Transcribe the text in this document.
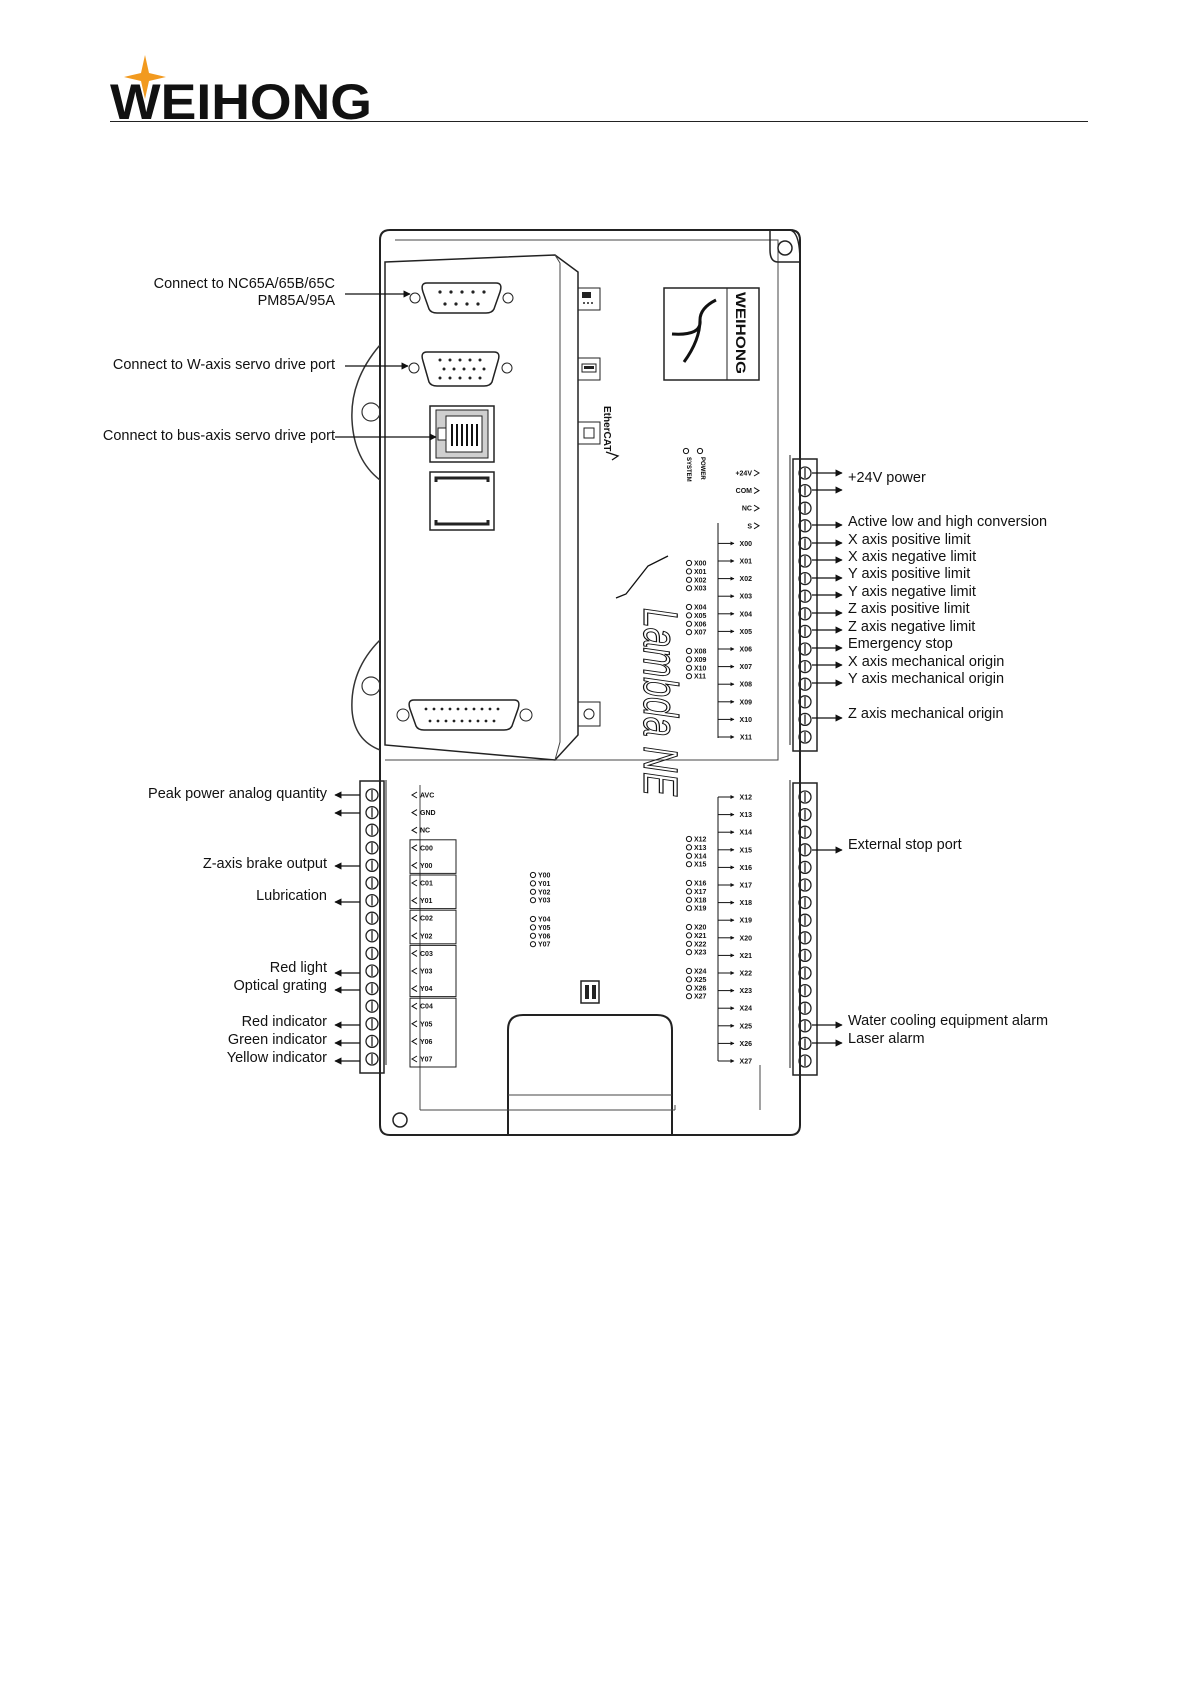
WEIHONG
EtherCAT
WEIHONG
POWER
SYSTEM
Lambda NE
+24V
COM
NC
S
X00
X01
X02
X03
X04
X05
X06
X07
X08
X09
X10
X11
X12
X13
X14
X15
X16
X17
X18
X19
X20
X21
X22
X23
X24
X25
X26
X27
AVC
GND
NC
C00
Y00
C01
Y01
C02
Y02
C03
Y03
Y04
C04
Y05
Y06
Y07
X00
X01
X02
X03
X04
X05
X06
X07
X08
X09
X10
X11
X12
X13
X14
X15
X16
X17
X18
X19
X20
X21
X22
X23
X24
X25
X26
X27
Y00
Y01
Y02
Y03
Y04
Y05
Y06
Y07
Connect to NC65A/65B/65C
PM85A/95A
Connect to W-axis servo drive port
Connect to bus-axis servo drive port
Peak power analog quantity
Z-axis brake output
Lubrication
Red light
Optical grating
Red indicator
Green indicator
Yellow indicator
+24V power
Active low and high conversion
X axis positive limit
X axis negative limit
Y axis positive limit
Y axis negative limit
Z axis positive limit
Z axis negative limit
Emergency stop
X axis mechanical origin
Y axis mechanical origin
Z axis mechanical origin
External stop port
Water cooling equipment alarm
Laser alarm
